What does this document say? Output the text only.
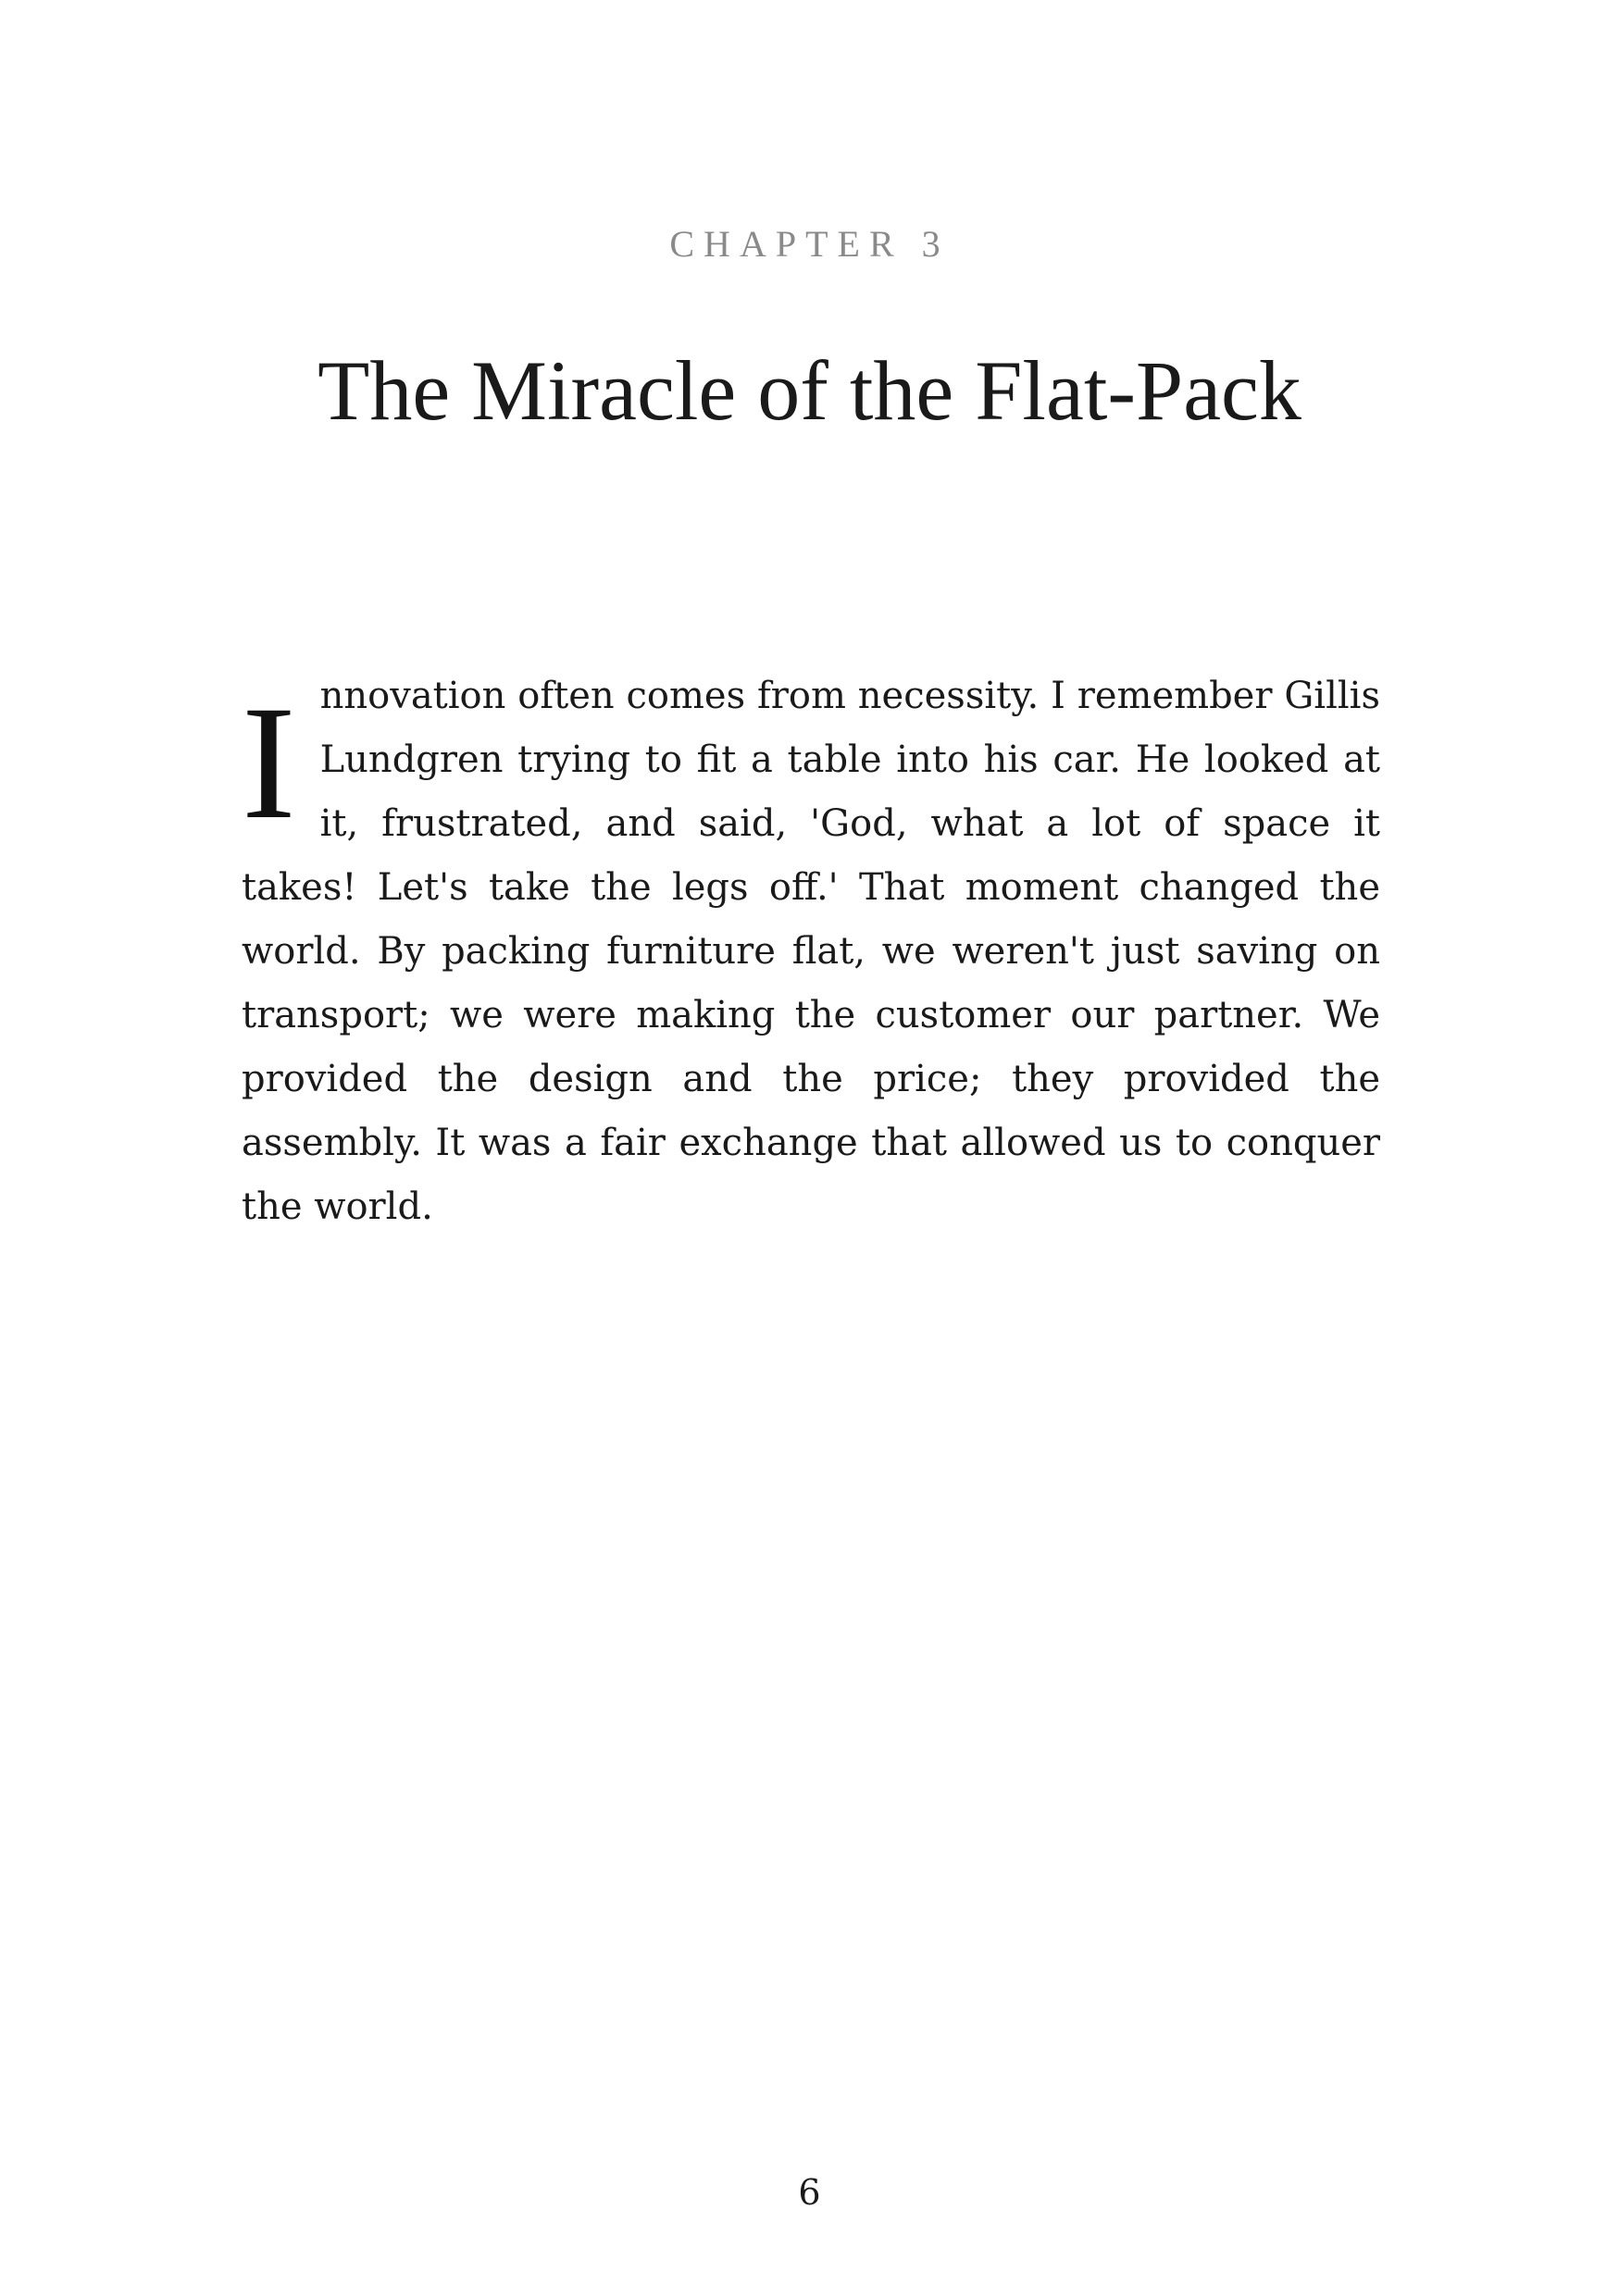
CHAPTER 3
The Miracle of the Flat-Pack

Innovation often comes from necessity. I remember Gillis Lundgren trying to fit a table into his car. He looked at it, frustrated, and said, 'God, what a lot of space it takes! Let's take the legs off.' That moment changed the world. By packing furniture flat, we weren't just saving on transport; we were making the customer our partner. We provided the design and the price; they provided the assembly. It was a fair exchange that allowed us to conquer the world.

6
